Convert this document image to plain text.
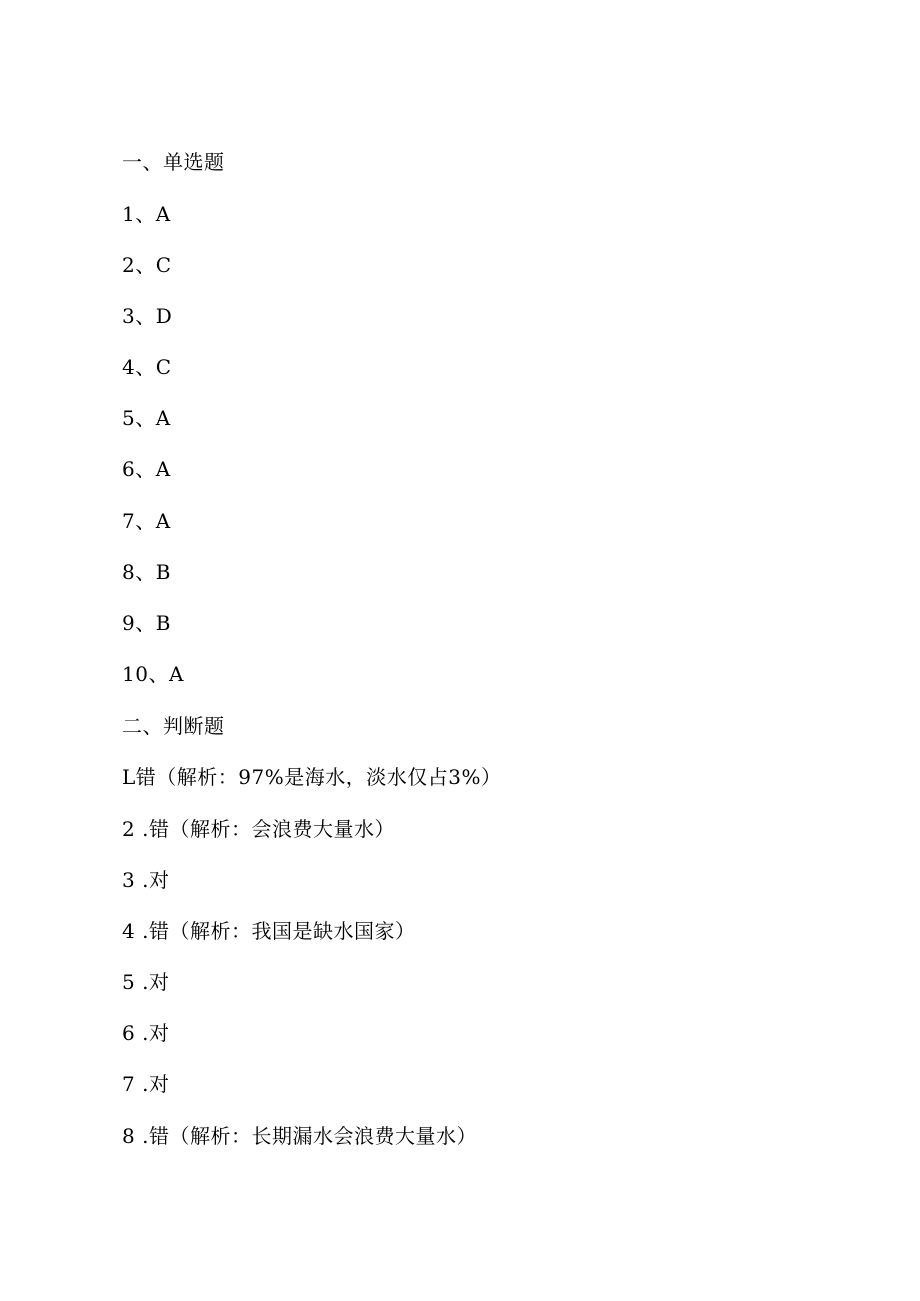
一、单选题
1、A
2、C
3、D
4、C
5、A
6、A
7、A
8、B
9、B
10、A
二、判断题
L错（解析：97%是海水，淡水仅占3%）
2 .错（解析：会浪费大量水）
3 .对
4 .错（解析：我国是缺水国家）
5 .对
6 .对
7 .对
8 .错（解析：长期漏水会浪费大量水）
